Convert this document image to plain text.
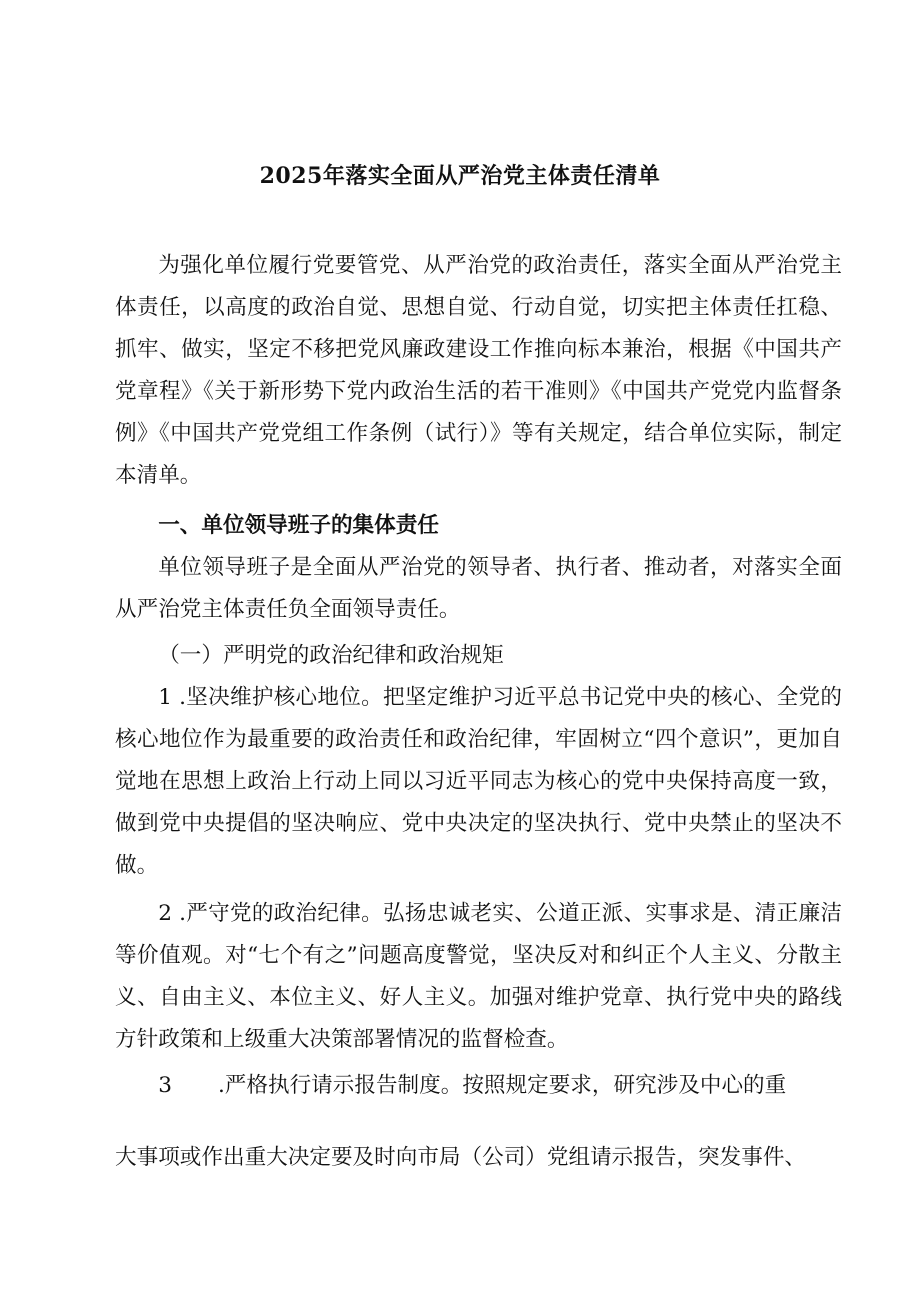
2025年落实全面从严治党主体责任清单

为强化单位履行党要管党、从严治党的政治责任，落实全面从严治党主体责任，以高度的政治自觉、思想自觉、行动自觉，切实把主体责任扛稳、抓牢、做实，坚定不移把党风廉政建设工作推向标本兼治，根据《中国共产党章程》《关于新形势下党内政治生活的若干准则》《中国共产党党内监督条例》《中国共产党党组工作条例（试行）》等有关规定，结合单位实际，制定本清单。

一、单位领导班子的集体责任

单位领导班子是全面从严治党的领导者、执行者、推动者，对落实全面从严治党主体责任负全面领导责任。

（一）严明党的政治纪律和政治规矩

1 .坚决维护核心地位。把坚定维护习近平总书记党中央的核心、全党的核心地位作为最重要的政治责任和政治纪律，牢固树立“四个意识”，更加自觉地在思想上政治上行动上同以习近平同志为核心的党中央保持高度一致，做到党中央提倡的坚决响应、党中央决定的坚决执行、党中央禁止的坚决不做。

2 .严守党的政治纪律。弘扬忠诚老实、公道正派、实事求是、清正廉洁等价值观。对“七个有之”问题高度警觉，坚决反对和纠正个人主义、分散主义、自由主义、本位主义、好人主义。加强对维护党章、执行党中央的路线方针政策和上级重大决策部署情况的监督检查。

3 .严格执行请示报告制度。按照规定要求，研究涉及中心的重

大事项或作出重大决定要及时向市局（公司）党组请示报告，突发事件、
